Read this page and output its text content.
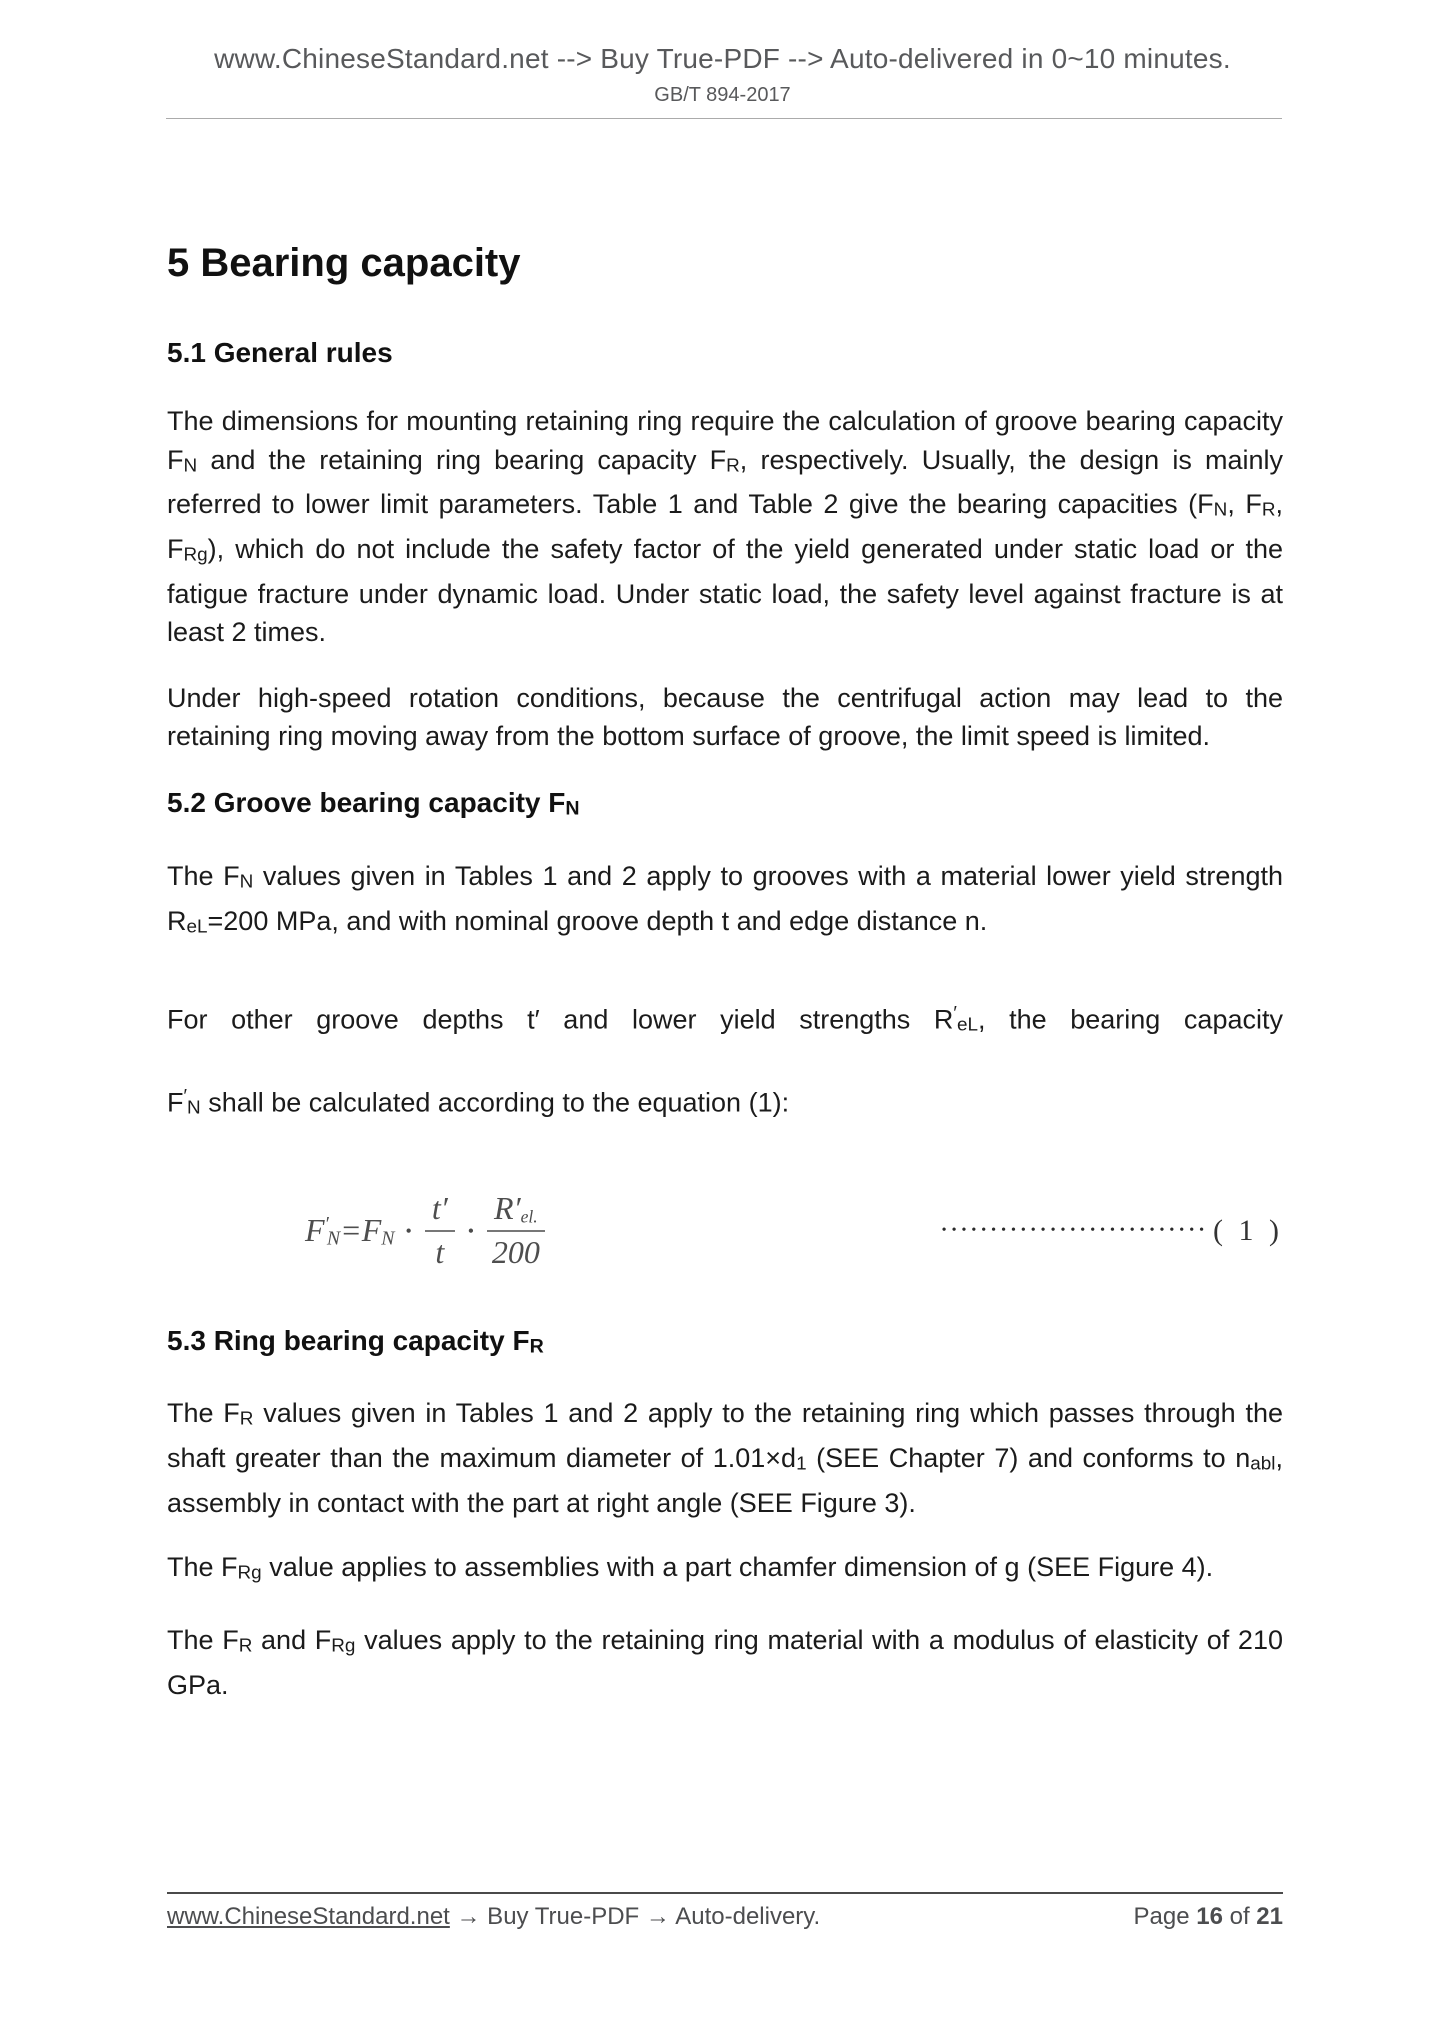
www.ChineseStandard.net --> Buy True-PDF --> Auto-delivered in 0~10 minutes.
GB/T 894-2017
5 Bearing capacity
5.1 General rules

The dimensions for mounting retaining ring require the calculation of groove bearing capacity FN and the retaining ring bearing capacity FR, respectively. Usually, the design is mainly referred to lower limit parameters. Table 1 and Table 2 give the bearing capacities (FN, FR, FRg), which do not include the safety factor of the yield generated under static load or the fatigue fracture under dynamic load. Under static load, the safety level against fracture is at least 2 times.

Under high-speed rotation conditions, because the centrifugal action may lead to the retaining ring moving away from the bottom surface of groove, the limit speed is limited.

5.2 Groove bearing capacity FN

The FN values given in Tables 1 and 2 apply to grooves with a material lower yield strength ReL=200 MPa, and with nominal groove depth t and edge distance n.

For other groove depths t′ and lower yield strengths R′eL, the bearing capacity

F′N shall be calculated according to the equation (1):

F′N=FN • $\frac{t'}{t}$ • $\frac{R'el.}{200}$	••••••••••••••••••••••••••• ( 1 )
5.3 Ring bearing capacity FR

The FR values given in Tables 1 and 2 apply to the retaining ring which passes through the shaft greater than the maximum diameter of 1.01×d1 (SEE Chapter 7) and conforms to nabl, assembly in contact with the part at right angle (SEE Figure 3).

The FRg value applies to assemblies with a part chamfer dimension of g (SEE Figure 4).

The FR and FRg values apply to the retaining ring material with a modulus of elasticity of 210 GPa.

www.ChineseStandard.net → Buy True-PDF → Auto-delivery.	Page 16 of 21
